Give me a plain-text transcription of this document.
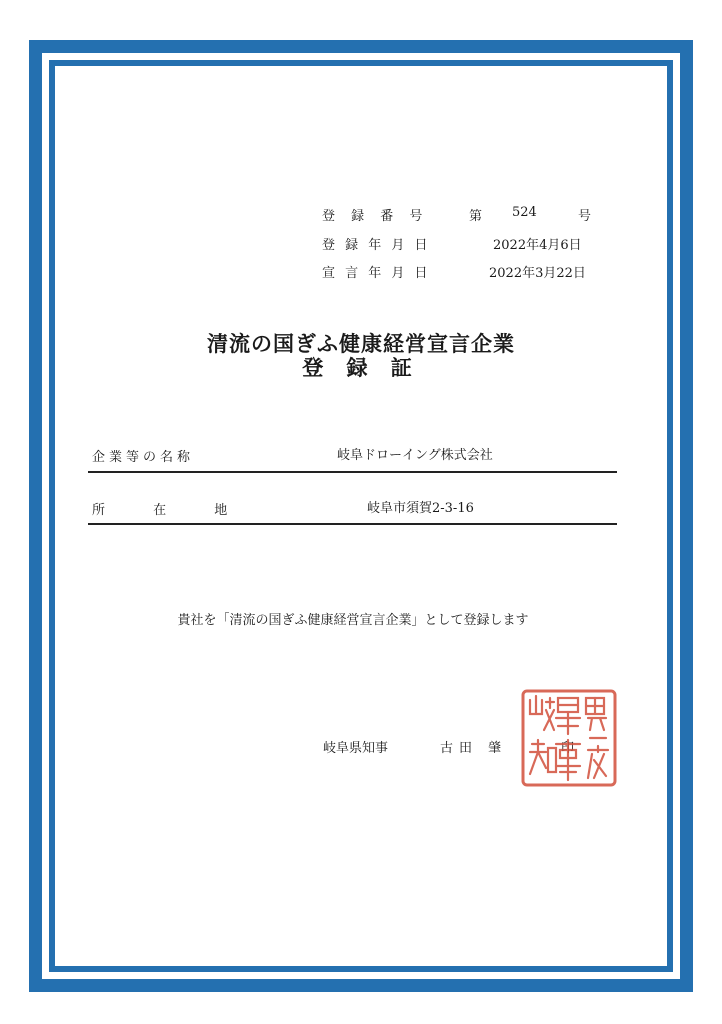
登 録 番 号	第 524	号
登 録 年 月 日	2022年4月6日
宣 言 年 月 日	2022年3月22日
清流の国ぎふ健康経営宣言企業
登 録 証
企業等の名称	岐阜ドローイング株式会社
所 在 地	岐阜市須賀2-3-16
貴社を「清流の国ぎふ健康経営宣言企業」として登録します
岐阜県知事	古田 肇	印
